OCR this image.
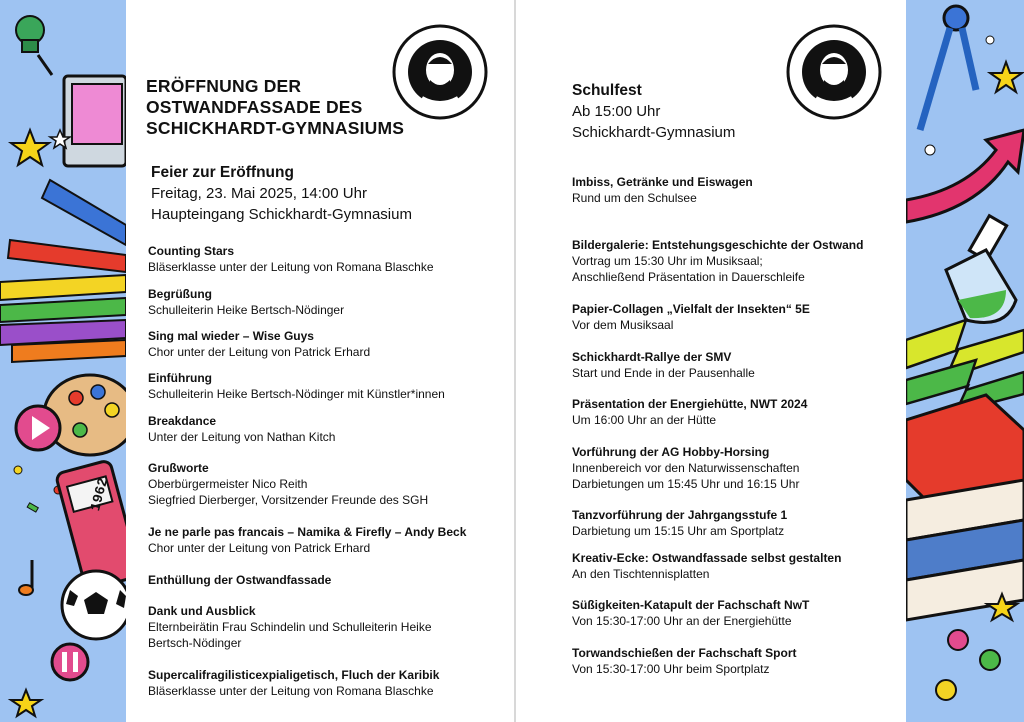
1962
ERÖFFNUNG DER OSTWANDFASSADE DES SCHICKHARDT-GYMNASIUMS
Feier zur Eröffnung
Freitag, 23. Mai 2025, 14:00 Uhr
Haupteingang Schickhardt-Gymnasium
Counting Stars
Bläserklasse unter der Leitung von Romana Blaschke
Begrüßung
Schulleiterin Heike Bertsch-Nödinger
Sing mal wieder – Wise Guys
Chor unter der Leitung von Patrick Erhard
Einführung
Schulleiterin Heike Bertsch-Nödinger mit Künstler*innen
Breakdance
Unter der Leitung von Nathan Kitch
Grußworte
Oberbürgermeister Nico Reith
Siegfried Dierberger, Vorsitzender Freunde des SGH
Je ne parle pas francais – Namika & Firefly – Andy Beck
Chor unter der Leitung von Patrick Erhard
Enthüllung der Ostwandfassade
Dank und Ausblick
Elternbeirätin Frau Schindelin und Schulleiterin Heike
Bertsch-Nödinger
Supercalifragilisticexpialigetisch, Fluch der Karibik
Bläserklasse unter der Leitung von Romana Blaschke
Schulfest
Ab 15:00 Uhr
Schickhardt-Gymnasium
Imbiss, Getränke und Eiswagen
Rund um den Schulsee
Bildergalerie: Entstehungsgeschichte der Ostwand
Vortrag um 15:30 Uhr im Musiksaal;
Anschließend Präsentation in Dauerschleife
Papier-Collagen „Vielfalt der Insekten“ 5E
Vor dem Musiksaal
Schickhardt-Rallye der SMV
Start und Ende in der Pausenhalle
Präsentation der Energiehütte, NWT 2024
Um 16:00 Uhr an der Hütte
Vorführung der AG Hobby-Horsing
Innenbereich vor den Naturwissenschaften
Darbietungen um 15:45 Uhr und 16:15 Uhr
Tanzvorführung der Jahrgangsstufe 1
Darbietung um 15:15 Uhr am Sportplatz
Kreativ-Ecke: Ostwandfassade selbst gestalten
An den Tischtennisplatten
Süßigkeiten-Katapult der Fachschaft NwT
Von 15:30-17:00 Uhr an der Energiehütte
Torwandschießen der Fachschaft Sport
Von 15:30-17:00 Uhr beim Sportplatz
